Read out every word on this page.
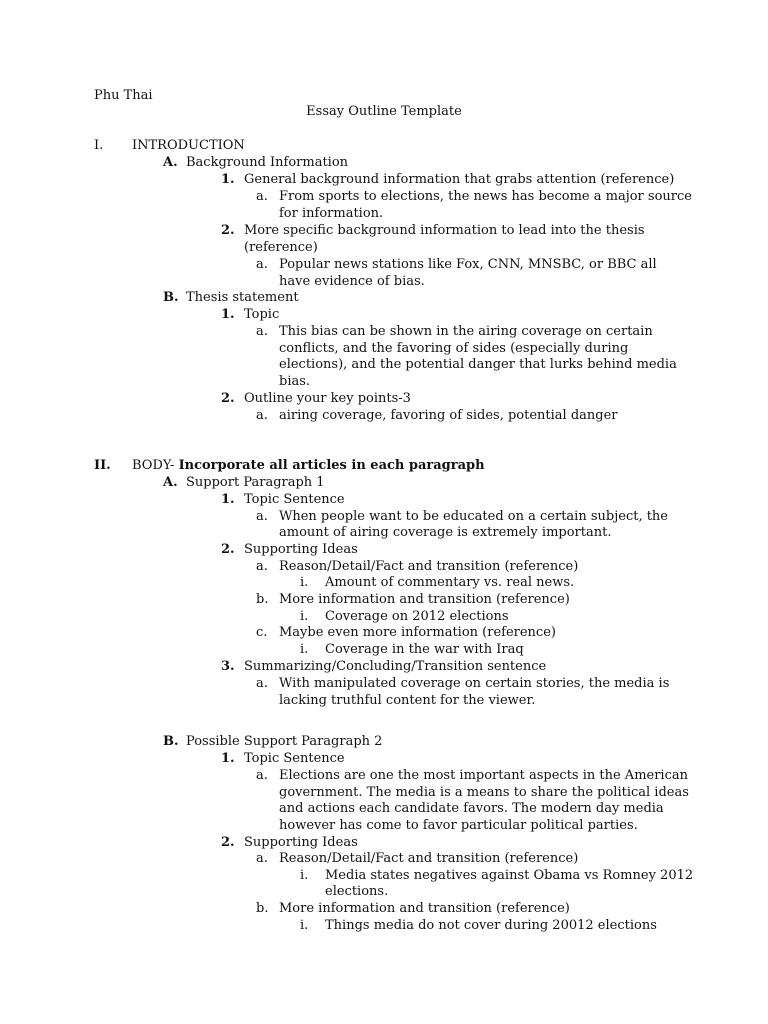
Phu Thai
Essay Outline Template
I. INTRODUCTION
A. Background Information
1. General background information that grabs attention (reference)
a. From sports to elections, the news has become a major source
for information.
2. More specific background information to lead into the thesis
(reference)
a. Popular news stations like Fox, CNN, MNSBC, or BBC all
have evidence of bias.
B. Thesis statement
1. Topic
a. This bias can be shown in the airing coverage on certain
conflicts, and the favoring of sides (especially during
elections), and the potential danger that lurks behind media
bias.
2. Outline your key points-3
a. airing coverage, favoring of sides, potential danger
II. BODY- Incorporate all articles in each paragraph
A. Support Paragraph 1
1. Topic Sentence
a. When people want to be educated on a certain subject, the
amount of airing coverage is extremely important.
2. Supporting Ideas
a. Reason/Detail/Fact and transition (reference)
i. Amount of commentary vs. real news.
b. More information and transition (reference)
i. Coverage on 2012 elections
c. Maybe even more information (reference)
i. Coverage in the war with Iraq
3. Summarizing/Concluding/Transition sentence
a. With manipulated coverage on certain stories, the media is
lacking truthful content for the viewer.
B. Possible Support Paragraph 2
1. Topic Sentence
a. Elections are one the most important aspects in the American
government. The media is a means to share the political ideas
and actions each candidate favors. The modern day media
however has come to favor particular political parties.
2. Supporting Ideas
a. Reason/Detail/Fact and transition (reference)
i. Media states negatives against Obama vs Romney 2012
elections.
b. More information and transition (reference)
i. Things media do not cover during 20012 elections
